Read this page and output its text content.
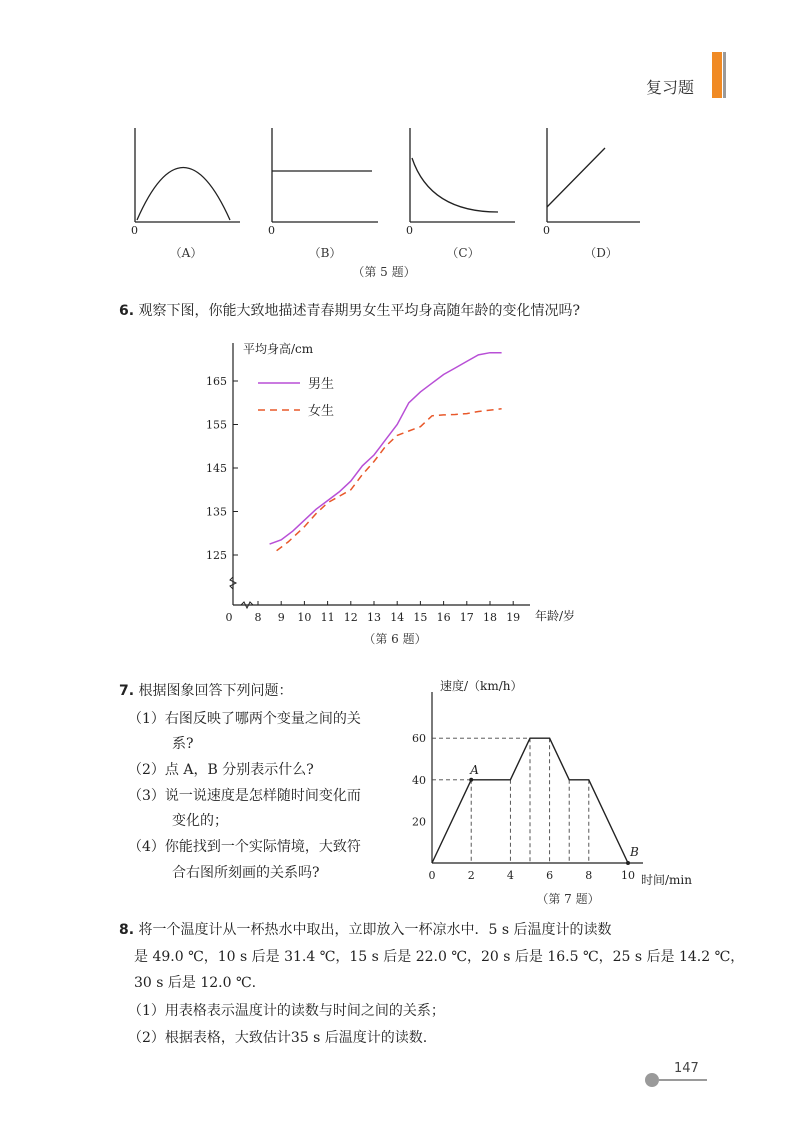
复习题
0	0	0	0
（A）	（B）	（C）	（D）
（第 5 题）
6. 观察下图，你能大致地描述青春期男女生平均身高随年龄的变化情况吗?
平均身高/cm
年龄/岁
0 8 9 10 11 12 13 14 15 16 17 18 19
125
135
145
155
165	男生
女生
（第 6 题）
7. 根据图象回答下列问题：
（1）右图反映了哪两个变量之间的关
系?
（2）点 A，B 分别表示什么?
（3）说一说速度是怎样随时间变化而
变化的；
（4）你能找到一个实际情境，大致符
合右图所刻画的关系吗?
速度/（km/h）
时间/min
0	2	4	6	8	10
20
40
60
A
B
（第 7 题）
8. 将一个温度计从一杯热水中取出，立即放入一杯凉水中．5 s 后温度计的读数
是 49.0 ℃，10 s 后是 31.4 ℃，15 s 后是 22.0 ℃，20 s 后是 16.5 ℃，25 s 后是 14.2 ℃，
30 s 后是 12.0 ℃.
（1）用表格表示温度计的读数与时间之间的关系；
（2）根据表格，大致估计35 s 后温度计的读数.
147
